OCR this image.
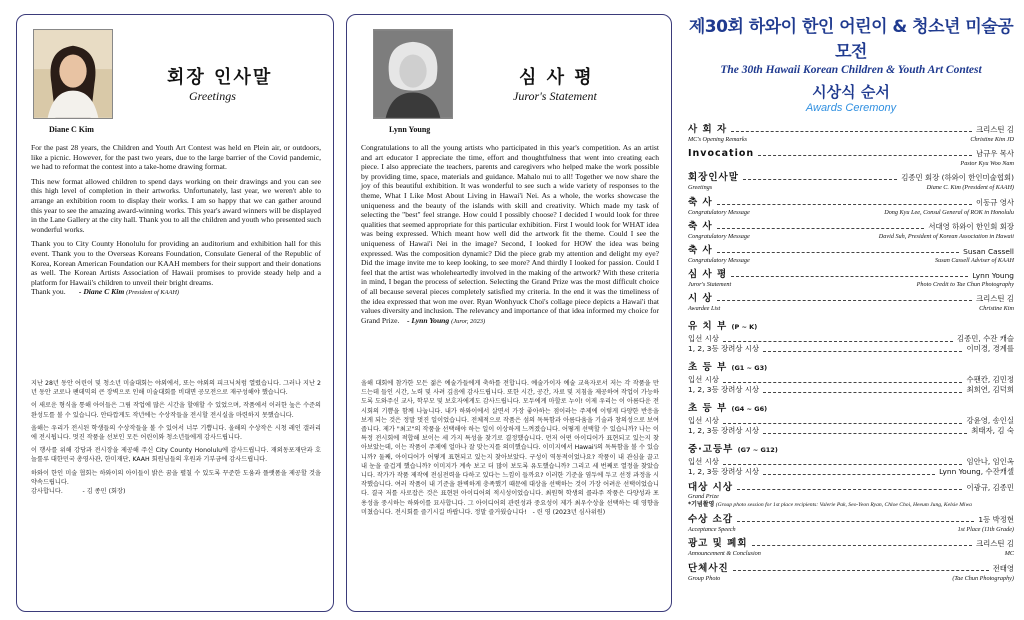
Diane C Kim
회장 인사말
Greetings

For the past 28 years, the Children and Youth Art Contest was held en Plein air, or outdoors, like a picnic. However, for the past two years, due to the large barrier of the Covid pandemic, we had to reformat the contest into a take-home drawing format.

This new format allowed children to spend days working on their drawings and you can see this high level of completion in their artworks. Unfortunately, last year, we weren't able to arrange an exhibition room to display their works. I am so happy that we can gather around this year to see the amazing award-winning works. This year's award winners will be displayed in the Lane Gallery at the city hall. Thank you to all the children and youth who presented such wonderful works.

Thank you to City County Honolulu for providing an auditorium and exhibition hall for this event. Thank you to the Overseas Koreans Foundation, Consulate General of the Republic of Korea, Korean American Foundation our KAAH members for their support and their donations as well. The Korean Artists Association of Hawaii promises to provide steady help and a platform for Hawaii's children to unveil their bright dreams.

Thank you. - Diane C Kim (President of KAAH)

지난 28년 동안 어린이 및 청소년 미술대회는 야외에서, 또는 야외의 피크닉처럼 열렸습니다. 그러나 지난 2년 동안 코로나 팬데믹의 큰 장벽으로 인해 미술대회를 비대면 공모전으로 재구성해야 했습니다.

이 새로운 형식을 통해 아이들은 그림 작업에 많은 시간을 할애할 수 있었으며, 작품에서 이러한 높은 수준의 완성도를 볼 수 있습니다. 안타깝게도 작년에는 수상작들을 전시할 전시실을 마련하지 못했습니다.

올해는 우리가 전시된 학생들의 수상작들을 볼 수 있어서 너무 기쁩니다. 올해의 수상작은 시청 레인 갤러리에 전시됩니다. 멋진 작품을 선보인 모든 어린이와 청소년들에게 감사드립니다.

이 행사를 위해 강당과 전시장을 제공해 주신 City County Honolulu에 감사드립니다. 재외동포재단과 호놀룰루 대한민국 총영사관, 한미재단, KAAH 회원님들의 후원과 기부금에 감사드립니다.

하와이 한인 미술 협회는 하와이의 아이들이 밝은 꿈을 펼칠 수 있도록 꾸준한 도움과 플랫폼을 제공할 것을 약속드립니다.

감사합니다.	- 김 종민 (회장)
Lynn Young
심 사 평
Juror's Statement
Congratulations to all the young artists who participated in this year's competition. As an artist and art educator I appreciate the time, effort and thoughtfulness that went into creating each piece. I also appreciate the teachers, parents and caregivers who helped make the work possible by providing time, space, materials and guidance. Mahalo nui to all! Together we now share the joy of this beautiful exhibition. It was wonderful to see such a wide variety of responses to the theme, What I Like Most About Living in Hawai'i Nei. As a whole, the works showcase the uniqueness and the beauty of the islands with skill and creativity. Which made my task of selecting the "best" feel strange. How could I possibly choose? I decided I would look for three qualities that seemed appropriate for this particular exhibition. First I would look for WHAT idea was being expressed. Which meant how well did the artwork fit the theme. Could I see the uniqueness of Hawai'i Nei in the image? Second, I looked for HOW the idea was being expressed. Was the composition dynamic? Did the piece grab my attention and delight my eye? Did the image invite me to keep looking, to see more? And thirdly I looked for passion. Could I feel that the artist was wholeheartedly involved in the making of the artwork? With these criteria in mind, I began the process of selection. Selecting the Grand Prize was the most difficult choice of all because several pieces completely satisfied my criteria. In the end it was the timeliness of the idea expressed that won me over. Ryan Wonhyuck Choi's collage piece depicts a Hawai'i that values diversity and inclusion. The relevancy and importance of that idea informed my choice for Grand Prize. - Lynn Young (Juror, 2023)
올해 대회에 참가한 모든 젊은 예술가들에게 축하를 전합니다. 예술가이자 예술 교육자로서 저는 각 작품을 만드는데 들인 시간, 노력 및 사려 깊음에 감사드립니다. 또한 시간, 공간, 자료 및 지침을 제공하여 작업이 가능하도록 도와주신 교사, 학부모 및 보호자에게도 감사드립니다. 모두에게 마할로 누이! 이제 우리는 이 아름다운 전시회의 기쁨을 함께 나눕니다. 내가 하와이에서 살면서 가장 좋아하는 점이라는 주제에 이렇게 다양한 반응을 보게 되는 것은 정말 멋진 일이었습니다. 전체적으로 작품은 섬의 독특함과 아름다움을 기술과 창의성으로 보여줍니다. 제가 "최고"의 작품을 선택해야 하는 일이 이상하게 느껴졌습니다. 어떻게 선택할 수 있습니까? 나는 이 특정 전시회에 적합해 보이는 세 가지 특성을 찾기로 결정했습니다. 먼저 어떤 아이디어가 표현되고 있는지 찾아보았는데, 이는 작품이 주제에 얼마나 잘 맞는지를 의미했습니다. 이미지에서 Hawai'i의 독특함을 볼 수 있습니까? 둘째, 아이디어가 어떻게 표현되고 있는지 찾아보았다. 구성이 역동적이었나요? 작품이 내 관심을 끌고 내 눈을 즐겁게 했습니까? 이미지가 계속 보고 더 많이 보도록 유도했습니까? 그리고 세 번째로 열정을 찾았습니다. 작가가 작품 제작에 전심전력을 다하고 있다는 느낌이 들까요? 이러한 기준을 염두에 두고 선정 과정을 시작했습니다. 여러 작품이 내 기준을 완벽하게 충족했기 때문에 대상을 선택하는 것이 가장 어려운 선택이었습니다. 결국 저를 사로잡은 것은 표현된 아이디어의 적시성이었습니다. 최원혁 학생의 콜라주 작품은 다양성과 포용성을 중시하는 하와이를 묘사합니다. 그 아이디어의 관련성과 중요성이 제가 최우수상을 선택하는 데 영향을 미쳤습니다. 전시회를 즐기시길 바랍니다. 정말 즐거웠습니다! - 린 영 (2023년 심사위원)
제30회 하와이 한인 어린이 & 청소년 미술공모전
The 30th Hawaii Korean Children & Youth Art Contest
시상식 순서
Awards Ceremony
사 회 자	크리스틴 김
MC's Opening Remarks	Christine Kim JD
Invocation	남규우 목사
Pastor Kyu Woo Nam
회장인사말	김종민 회장 (하와이 한인미술협회)
Greetings	Diane C. Kim (President of KAAH)
축 사	이동규 영사
Congratulatory Message	Dong Kyu Lee, Consul General of ROK in Honolulu
축 사	서대영 하와이 한인회 회장
Congratulatory Message	David Suh, President of Korean Association in Hawaii
축 사	Susan Cassell
Congratulatory Message	Susan Cassell Adviser of KAAH
심 사 평	Lynn Young
Juror's Statement	Photo Credit to Tae Chun Photography
시 상	크리스틴 김
Awardee List	Christine Kim
유 치 부 (P ~ K)
입선 시상	김종민, 수잔 캐슬
1, 2, 3등 장려상 시상	이미경, 경계를
초 등 부 (G1 ~ G3)
입선 시상	수팬칸, 김민정
1, 2, 3등 장려상 시상	최희연, 김덕희
초 등 부 (G4 ~ G6)
입선 시상	강윤영, 송인실
1, 2, 3등 장려상 시상	최태자, 김 숙
중·고등부 (G7 ~ G12)
입선 시상	임안나, 임인옥
1, 2, 3등 장려상 시상	Lynn Young, 수잔캐셀
대상 시상	이광규, 김종민
Grand Prize
*기념촬영 (Group photo session for 1st place recipients: Valerie Pak, Seo-Yeon Ryan, Chloe Choi, Heeum Jung, Kelsie Miwa
수상 소감	1등 박정현
Acceptance Speech	1st Place (11th Grade)
광고 및 폐회	크리스틴 김
Announcement & Conclusion	MC
단체사진	전태영
Group Photo	(Tae Chun Photography)
